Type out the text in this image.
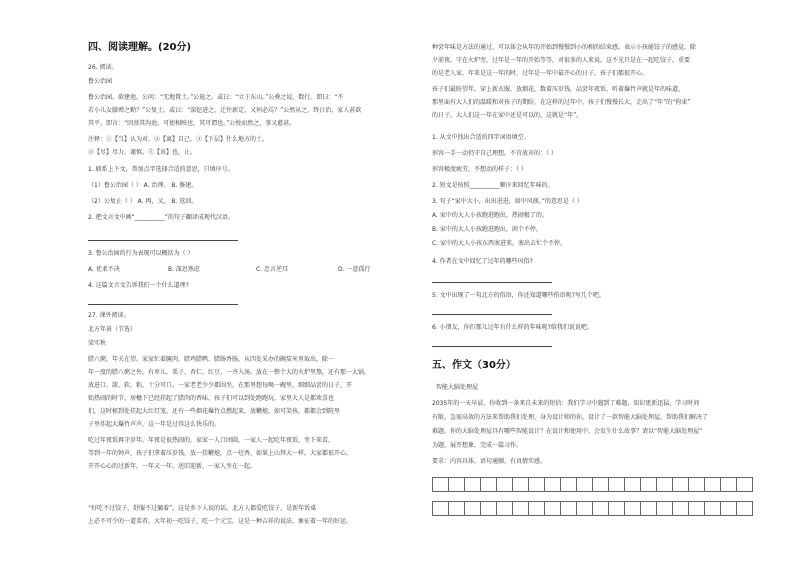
四、阅读理解。(20分)
26. 阅读。
鲁公治园
鲁公治园，欲建池。公问：“无地置土。”公退之。或曰：“立于东山。”公叠之说，数行。即曰：“不
若小儿女膝殚之勤？”公复土。或曰：“深挖进之，迁往新定，又何必焉？”公然从之，终日治，家人甚欲
其平。即言：“因基其沟池，可使相映也，其可谓也。”公悦而然之，事又愈甚。
注释：①【当】认为对。②【离】自己。③【下层】什么地方的土。
④【尽】尽力，谨慎。⑤【该】也，止。
1. 联系上下文，帮加点字选择合适的意思，只填序号。
（1）鲁公治园（ ） A. 治理。 B. 修建。
（2）公复止（ ） A. 再，又。 B. 返回。
2. 把文言文中画“__________”的句子翻译成现代汉语。
3. 鲁公治园的行为表现可以概括为（ ）
A. 优柔不决	B. 深思熟虑	C. 忠言逆耳	D. 一意孤行
4. 这篇文言文告诉我们一个什么道理?
27. 课外阅读。
北方年景（节选）
梁实秋
腊八粥，年关在望。家家忙着腌肉、腊鸡腊鸭、腊肠香肠，从四处采办的碗装米里取出，除一
年一度的腊八粥之外，有枣儿、栗子、杏仁、红豆、一齐入汤。放在一整个大的火炉里熬，还有那一大锅，
放进口，甜、软、粘，十分可口，一家老老少少都围坐，在那里想每喝一碗里，细细品尝的日子，开
始热闹的时节，房檐下已经挂起了腊肉的香味，孩子们可以到处跑跑玩，家里大人是都欢喜也
们，这时候到处挂起大红灯笼，还有一些烟花爆竹点燃起来，放鞭炮，如可笑孩，都都会到院里
子里炸起大爆竹声声，这一年是过得这么快乐的。
吃过年夜饭再守岁年。年夜是很热闹的，家家一人口团圆，一家人一起吃年夜饭，坐下来看，
等到一年的钟声，孩子们拿着压岁钱，放一挂鞭炮，点一炷香，如果上山拜大一样。大家都很开心。
开开心心的过新年，一年又一年，送旧迎新，一家人坐在一起。
“好吃不过饺子，舒服不过躺着”，这是乡下人说的话，北方人都爱吃饺子，是新年饭桌
上必不可少的一道菜肴，大年初一吃饺子，吃一个元宝，这是一种吉祥的说法，象征着一年的好运。
种尝年味是方法的通过，可以体会从年的开始到慢慢到小的相的结束感，表示小孩能饺子的感觉，除
夕前夜，守在火炉旁，过年是一年的开始等等，对很多的人来说，这不光只是在一起吃饺子，重要
的是老人家，年来是这一年的时，过年是一年中最开心的日子，孩子们都很开心。
孩子们最盼望年，穿上新衣服，放烟花，数着压岁钱，品尝年夜饭，听着爆竹声就是年的味道，
那里面有大人们的温暖和对孩子的期盼，在这样的过年中，孩子们慢慢长大，走出了“年”的“拘束”
的日子，大人们这一年在家中还是可以的，这就是“年”。
1. 从文中找出合适的四字词语填空。
形容一手一动仍守自己理想，不肯放弃的：（ ）
形容极度疲劳，不想动的样子：（ ）
2. 短文是按照__________顺序来回忆年味的。
3. 句子“家中大小，出出进进，如中风瓶。”的意思是（ ）
A. 家中的大人小孩跑进跑出，热闹极了的。
B. 家中的大人小孩跑进跑出，闲个不停。
C. 家中的大人小孩东西塞进来，塞出去忙个不停。
4. 作者在文中回忆了过年的哪些风俗?
5. 文中出现了一句北方的俗语，你还知道哪些俗语呢?写几个吧。
6. 小朋友，你们那儿过年有什么样的年味呢?给我们说说吧。
五、作文（30分）
智能大脑处理屋
2035年的一天早晨，你收到一条来自未来的短信：我们学习中遇到了难题，知识更新迅猛，学习时间
有限，急需高效的方法来帮助我们处理，身为设计师的你，设计了一款智能大脑处理屋，帮助我们解决了
难题。你的大脑处理屋具有哪些智能设计？在设计和使用中，会发生什么故事？请以“智能大脑处理屋”
为题，展开想象，完成一篇习作。
要求：内容具体，语句通顺，有真情实感。
